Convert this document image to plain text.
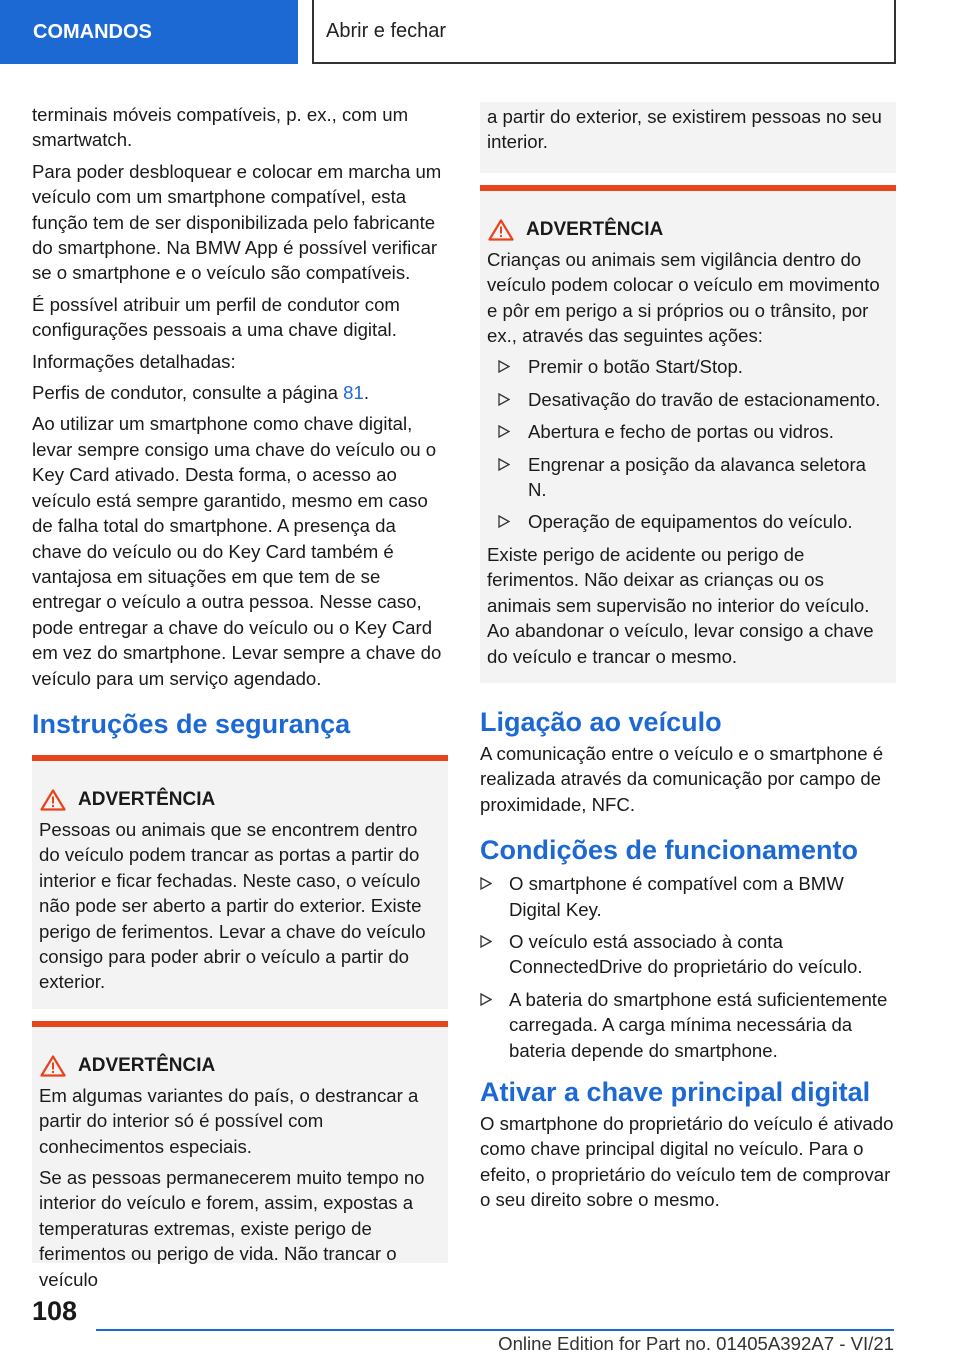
COMANDOS	Abrir e fechar

terminais móveis compatíveis, p. ex., com um smartwatch.

Para poder desbloquear e colocar em marcha um veículo com um smartphone compatível, esta função tem de ser disponibilizada pelo fabricante do smartphone. Na BMW App é possível verificar se o smartphone e o veículo são compatíveis.

É possível atribuir um perfil de condutor com configurações pessoais a uma chave digital.

Informações detalhadas:

Perfis de condutor, consulte a página 81.

Ao utilizar um smartphone como chave digital, levar sempre consigo uma chave do veículo ou o Key Card ativado. Desta forma, o acesso ao veículo está sempre garantido, mesmo em caso de falha total do smartphone. A presença da chave do veículo ou do Key Card também é vantajosa em situações em que tem de se entregar o veículo a outra pessoa. Nesse caso, pode entregar a chave do veículo ou o Key Card em vez do smartphone. Levar sempre a chave do veículo para um serviço agendado.

Instruções de segurança
ADVERTÊNCIA

Pessoas ou animais que se encontrem dentro do veículo podem trancar as portas a partir do interior e ficar fechadas. Neste caso, o veículo não pode ser aberto a partir do exterior. Existe perigo de ferimentos. Levar a chave do veículo consigo para poder abrir o veículo a partir do exterior.

ADVERTÊNCIA

Em algumas variantes do país, o destrancar a partir do interior só é possível com conhecimentos especiais.

Se as pessoas permanecerem muito tempo no interior do veículo e forem, assim, expostas a temperaturas extremas, existe perigo de ferimentos ou perigo de vida. Não trancar o veículo

a partir do exterior, se existirem pessoas no seu interior.

ADVERTÊNCIA

Crianças ou animais sem vigilância dentro do veículo podem colocar o veículo em movimento e pôr em perigo a si próprios ou o trânsito, por ex., através das seguintes ações:

Premir o botão Start/Stop.
Desativação do travão de estacionamento.
Abertura e fecho de portas ou vidros.
Engrenar a posição da alavanca seletora N.
Operação de equipamentos do veículo.

Existe perigo de acidente ou perigo de ferimentos. Não deixar as crianças ou os animais sem supervisão no interior do veículo. Ao abandonar o veículo, levar consigo a chave do veículo e trancar o mesmo.

Ligação ao veículo

A comunicação entre o veículo e o smartphone é realizada através da comunicação por campo de proximidade, NFC.

Condições de funcionamento
O smartphone é compatível com a BMW Digital Key.
O veículo está associado à conta ConnectedDrive do proprietário do veículo.
A bateria do smartphone está suficientemente carregada. A carga mínima necessária da bateria depende do smartphone.
Ativar a chave principal digital

O smartphone do proprietário do veículo é ativado como chave principal digital no veículo. Para o efeito, o proprietário do veículo tem de comprovar o seu direito sobre o mesmo.

108
Online Edition for Part no. 01405A392A7 - VI/21
